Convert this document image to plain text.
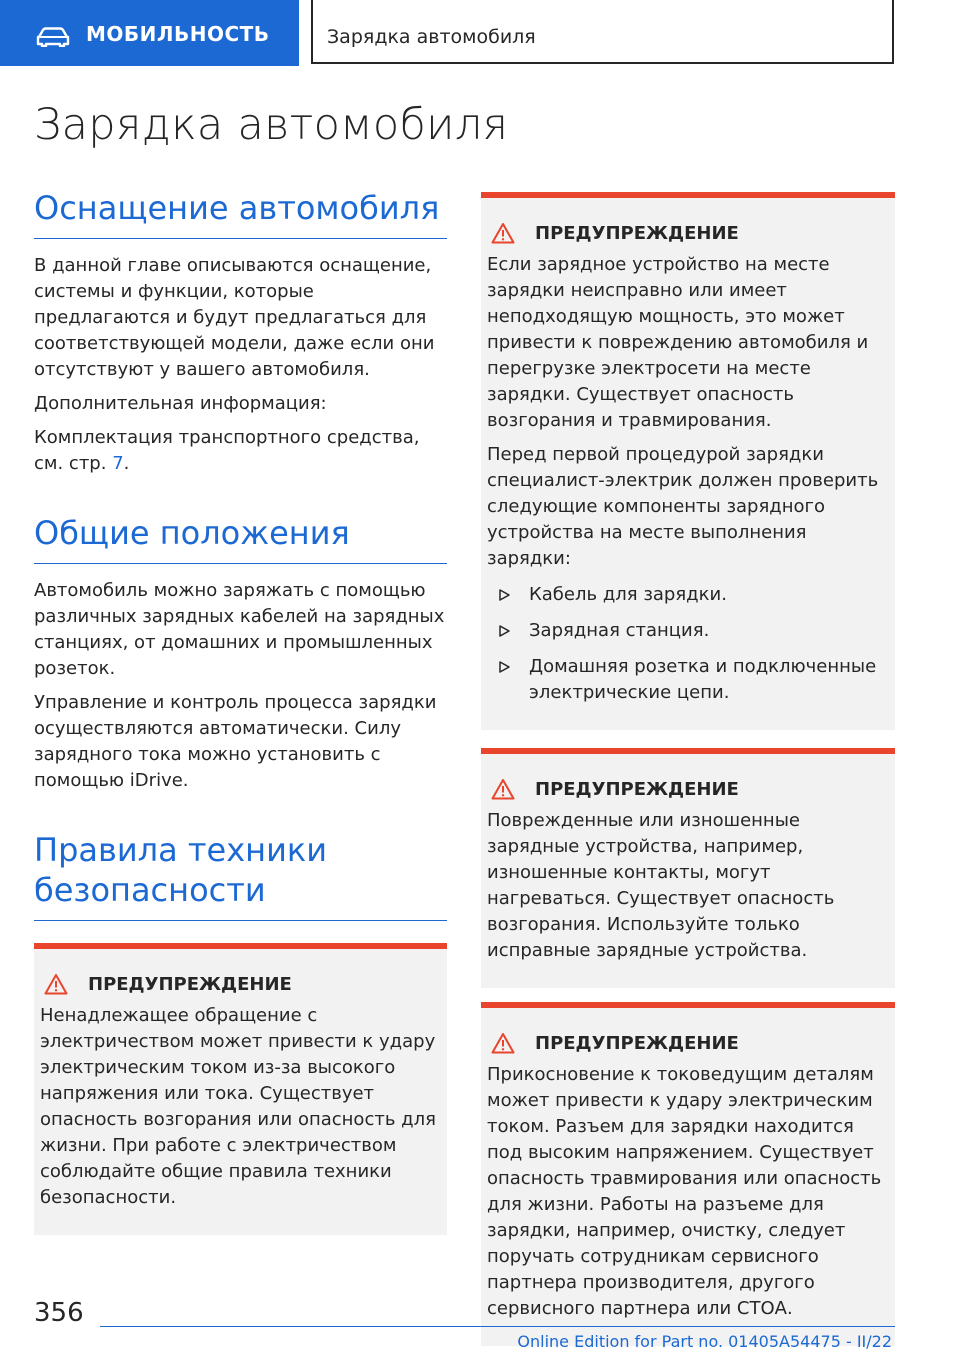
МОБИЛЬНОСТЬ	Зарядка автомобиля
Зарядка автомобиля
Оснащение автомобиля

В данной главе описываются оснащение, системы и функции, которые предлагаются и будут предлагаться для соответствующей модели, даже если они отсутствуют у вашего автомобиля.

Дополнительная информация:

Комплектация транспортного средства, см. стр. 7.

Общие положения

Автомобиль можно заряжать с помощью различных зарядных кабелей на зарядных станциях, от домашних и промышленных розеток.

Управление и контроль процесса зарядки осуществляются автоматически. Силу зарядного тока можно установить с помощью iDrive.

Правила техники безопасности
ПРЕДУПРЕЖДЕНИЕ

Ненадлежащее обращение с электричеством может привести к удару электрическим током из-за высокого напряжения или тока. Существует опасность возгорания или опасность для жизни. При работе с электричеством соблюдайте общие правила техники безопасности.

ПРЕДУПРЕЖДЕНИЕ

Если зарядное устройство на месте зарядки неисправно или имеет неподходящую мощность, это может привести к повреждению автомобиля и перегрузке электросети на месте зарядки. Существует опасность возгорания и травмирования.

Перед первой процедурой зарядки специалист-электрик должен проверить следующие компоненты зарядного устройства на месте выполнения зарядки:

Кабель для зарядки.
Зарядная станция.
Домашняя розетка и подключенные электрические цепи.
ПРЕДУПРЕЖДЕНИЕ

Поврежденные или изношенные зарядные устройства, например, изношенные контакты, могут нагреваться. Существует опасность возгорания. Используйте только исправные зарядные устройства.

ПРЕДУПРЕЖДЕНИЕ

Прикосновение к токоведущим деталям может привести к удару электрическим током. Разъем для зарядки находится под высоким напряжением. Существует опасность травмирования или опасность для жизни. Работы на разъеме для зарядки, например, очистку, следует поручать сотрудникам сервисного партнера производителя, другого сервисного партнера или СТОА.

356
Online Edition for Part no. 01405A54475 - II/22
